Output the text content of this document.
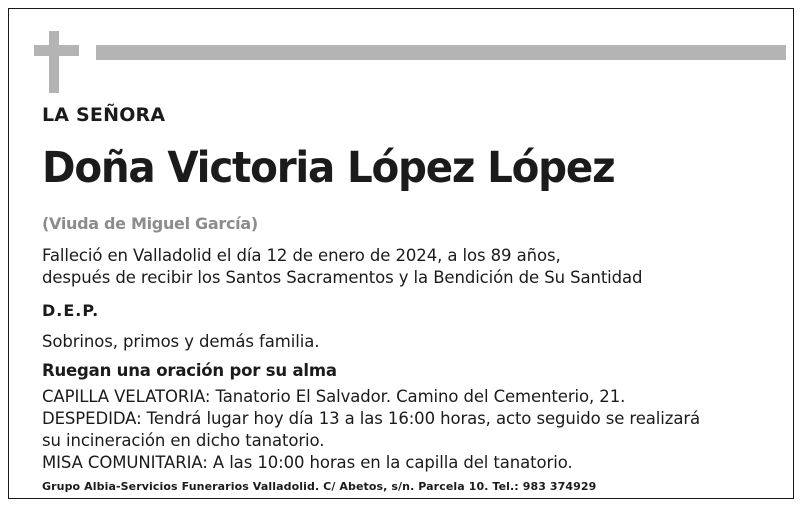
LA SEÑORA
Doña Victoria López López
(Viuda de Miguel García)
Falleció en Valladolid el día 12 de enero de 2024, a los 89 años,
después de recibir los Santos Sacramentos y la Bendición de Su Santidad
D.E.P.
Sobrinos, primos y demás familia.
Ruegan una oración por su alma
CAPILLA VELATORIA: Tanatorio El Salvador. Camino del Cementerio, 21.
DESPEDIDA: Tendrá lugar hoy día 13 a las 16:00 horas, acto seguido se realizará
su incineración en dicho tanatorio.
MISA COMUNITARIA: A las 10:00 horas en la capilla del tanatorio.
Grupo Albia-Servicios Funerarios Valladolid. C/ Abetos, s/n. Parcela 10. Tel.: 983 374929
